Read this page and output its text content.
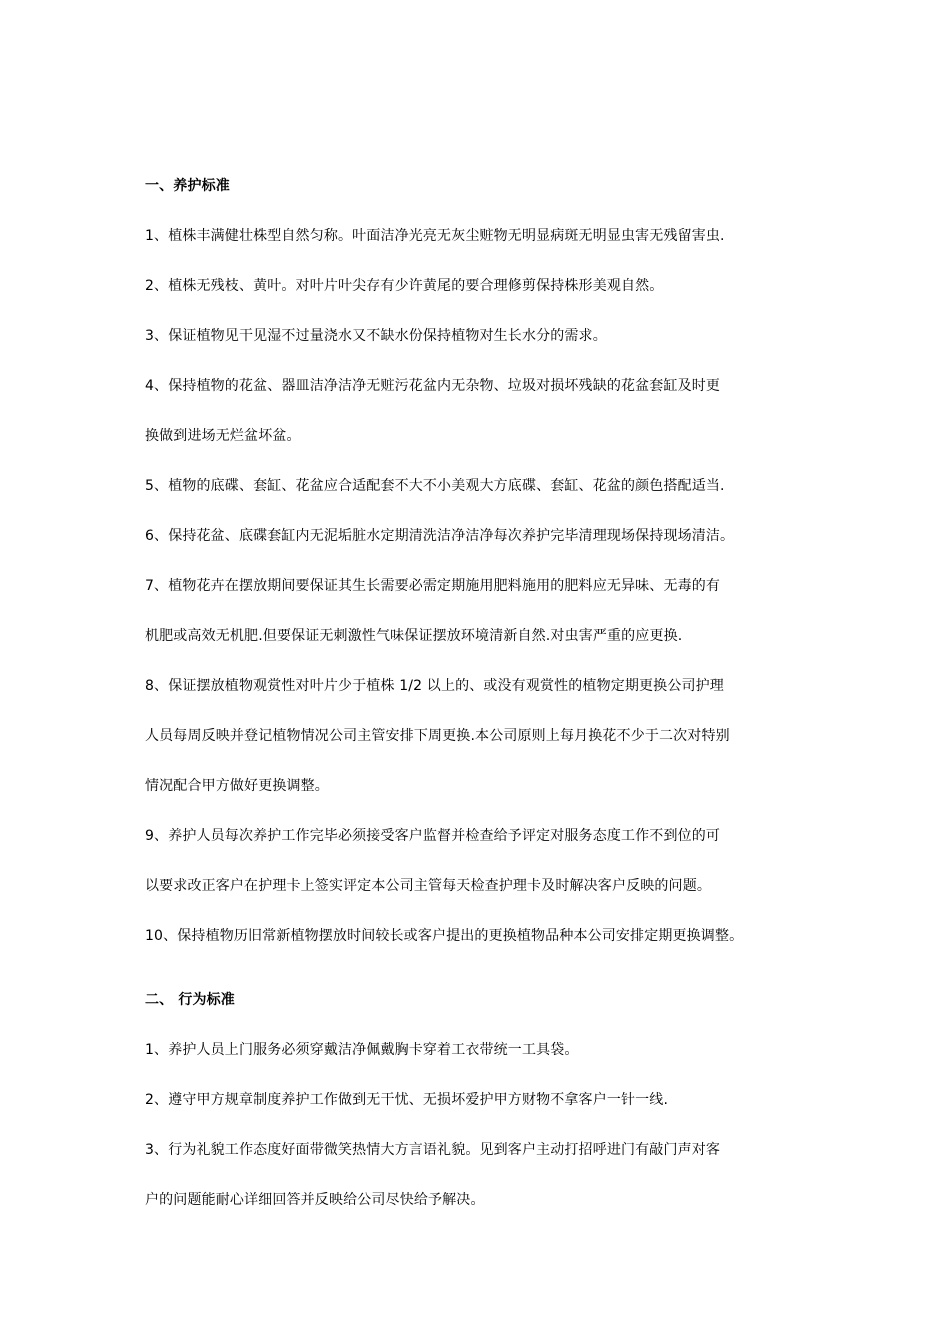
一、养护标准
1、植株丰满健壮株型自然匀称。叶面洁净光亮无灰尘赃物无明显病斑无明显虫害无残留害虫.
2、植株无残枝、黄叶。对叶片叶尖存有少许黄尾的要合理修剪保持株形美观自然。
3、保证植物见干见湿不过量浇水又不缺水份保持植物对生长水分的需求。
4、保持植物的花盆、器皿洁净洁净无赃污花盆内无杂物、垃圾对损坏残缺的花盆套缸及时更
换做到进场无烂盆坏盆。
5、植物的底碟、套缸、花盆应合适配套不大不小美观大方底碟、套缸、花盆的颜色搭配适当.
6、保持花盆、底碟套缸内无泥垢脏水定期清洗洁净洁净每次养护完毕清理现场保持现场清洁。
7、植物花卉在摆放期间要保证其生长需要必需定期施用肥料施用的肥料应无异味、无毒的有
机肥或高效无机肥.但要保证无刺激性气味保证摆放环境清新自然.对虫害严重的应更换.
8、保证摆放植物观赏性对叶片少于植株 1/2 以上的、或没有观赏性的植物定期更换公司护理
人员每周反映并登记植物情况公司主管安排下周更换.本公司原则上每月换花不少于二次对特别
情况配合甲方做好更换调整。
9、养护人员每次养护工作完毕必须接受客户监督并检查给予评定对服务态度工作不到位的可
以要求改正客户在护理卡上签实评定本公司主管每天检查护理卡及时解决客户反映的问题。
10、保持植物历旧常新植物摆放时间较长或客户提出的更换植物品种本公司安排定期更换调整。
二、 行为标准
1、养护人员上门服务必须穿戴洁净佩戴胸卡穿着工衣带统一工具袋。
2、遵守甲方规章制度养护工作做到无干忧、无损坏爱护甲方财物不拿客户一针一线.
3、行为礼貌工作态度好面带微笑热情大方言语礼貌。见到客户主动打招呼进门有敲门声对客
户的问题能耐心详细回答并反映给公司尽快给予解决。
